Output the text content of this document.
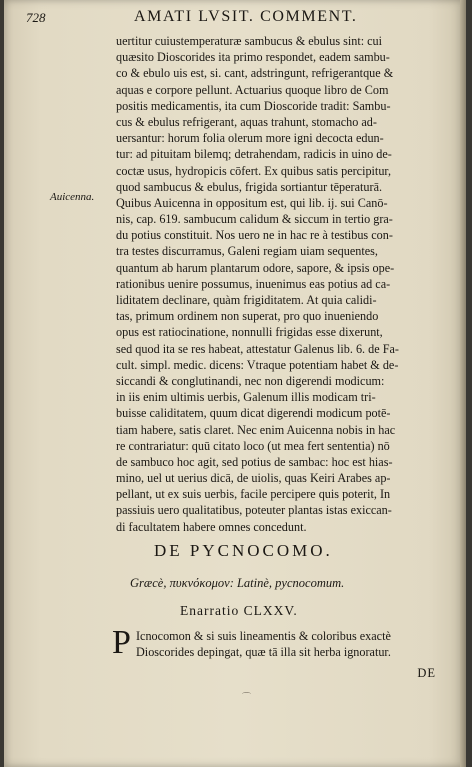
728	AMATI LVSIT. COMMENT.
Auicenna.
uertitur cuiustemperaturæ sambucus & ebulus sint: cui
quæsito Dioscorides ita primo respondet, eadem sambu-
co & ebulo uis est, si. cant, adstringunt, refrigerantque &
aquas e corpore pellunt. Actuarius quoque libro de Com
positis medicamentis, ita cum Dioscoride tradit: Sambu-
cus & ebulus refrigerant, aquas trahunt, stomacho ad-
uersantur: horum folia olerum more igni decocta edun-
tur: ad pituitam bilemq; detrahendam, radicis in uino de-
coctæ usus, hydropicis cōfert. Ex quibus satis percipitur,
quod sambucus & ebulus, frigida sortiantur tēperaturā.
Quibus Auicenna in oppositum est, qui lib. ij. sui Canō-
nis, cap. 619. sambucum calidum & siccum in tertio gra-
du potius constituit. Nos uero ne in hac re à testibus con-
tra testes discurramus, Galeni regiam uiam sequentes,
quantum ab harum plantarum odore, sapore, & ipsis ope-
rationibus uenire possumus, inuenimus eas potius ad ca-
liditatem declinare, quàm frigiditatem. At quia calidi-
tas, primum ordinem non superat, pro quo inueniendo
opus est ratiocinatione, nonnulli frigidas esse dixerunt,
sed quod ita se res habeat, attestatur Galenus lib. 6. de Fa-
cult. simpl. medic. dicens: Vtraque potentiam habet & de-
siccandi & conglutinandi, nec non digerendi modicum:
in iis enim ultimis uerbis, Galenum illis modicam tri-
buisse caliditatem, quum dicat digerendi modicum potē-
tiam habere, satis claret. Nec enim Auicenna nobis in hac
re contrariatur: quū citato loco (ut mea fert sententia) nō
de sambuco hoc agit, sed potius de sambac: hoc est hias-
mino, uel ut uerius dicā, de uiolis, quas Keiri Arabes ap-
pellant, ut ex suis uerbis, facile percipere quis poterit, In
passiuis uero qualitatibus, poteuter plantas istas exiccan-
di facultatem habere omnes concedunt.
DE PYCNOCOMO.
Græcè, πυκνόκομον: Latinè, pycnocomum.
Enarratio CLXXV.
P Icnocomon & si suis lineamentis & coloribus exactè
Dioscorides depingat, quæ tā illa sit herba ignoratur.
DE
⌒
